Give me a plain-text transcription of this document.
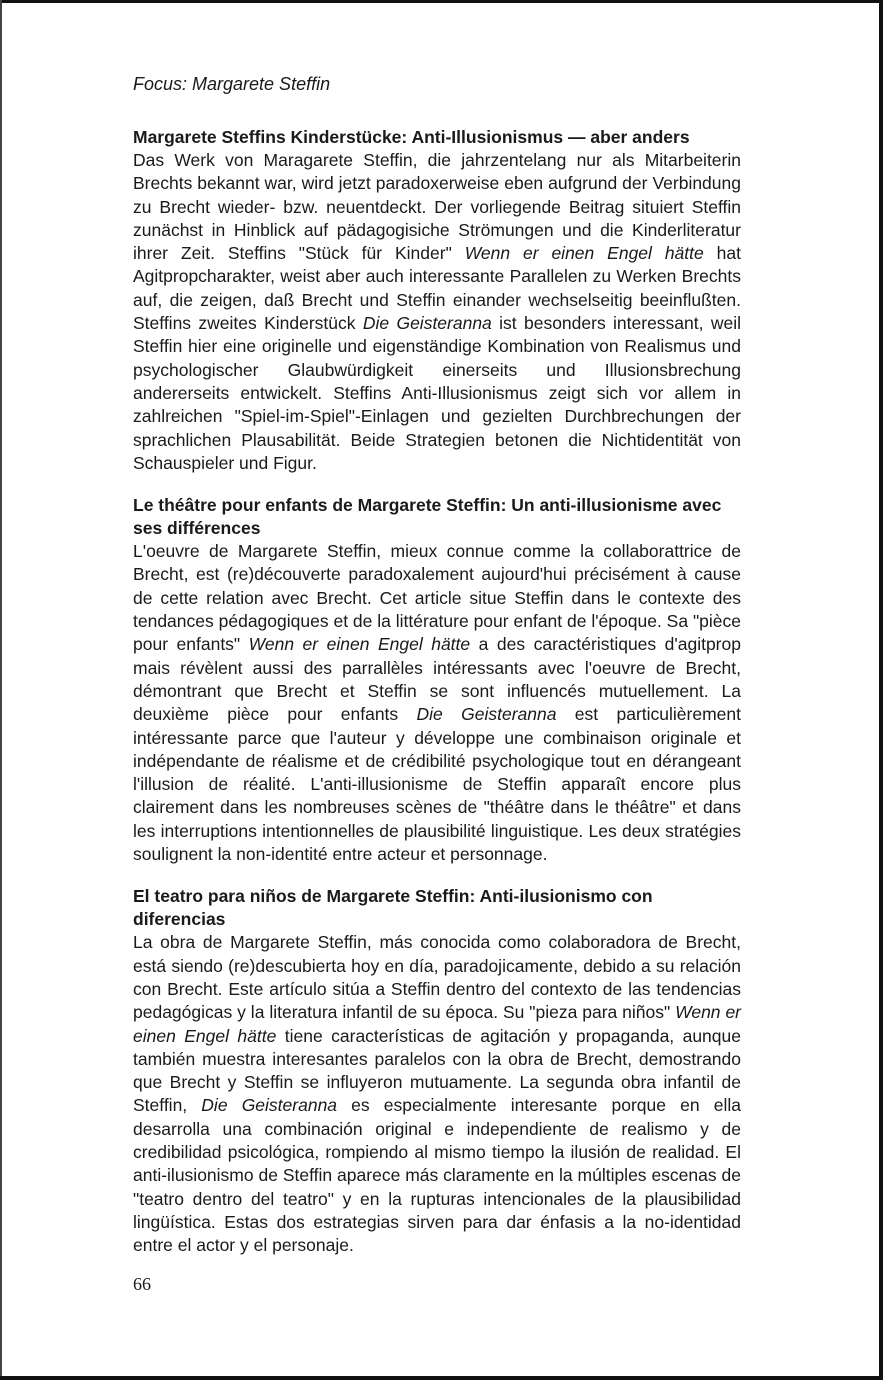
Focus: Margarete Steffin
Margarete Steffins Kinderstücke: Anti-Illusionismus — aber anders

Das Werk von Maragarete Steffin, die jahrzentelang nur als Mitarbeiterin Brechts bekannt war, wird jetzt paradoxerweise eben aufgrund der Verbindung zu Brecht wieder- bzw. neuentdeckt. Der vorliegende Beitrag situiert Steffin zunächst in Hinblick auf pädagogisiche Strömungen und die Kinderliteratur ihrer Zeit. Steffins "Stück für Kinder" Wenn er einen Engel hätte hat Agitpropcharakter, weist aber auch interessante Parallelen zu Werken Brechts auf, die zeigen, daß Brecht und Steffin einander wechselseitig beeinflußten. Steffins zweites Kinderstück Die Geisteranna ist besonders interessant, weil Steffin hier eine originelle und eigenständige Kombination von Realismus und psychologischer Glaubwürdigkeit einerseits und Illusionsbrechung andererseits entwickelt. Steffins Anti-Illusionismus zeigt sich vor allem in zahlreichen "Spiel-im-Spiel"-Einlagen und gezielten Durchbrechungen der sprachlichen Plausabilität. Beide Strategien betonen die Nichtidentität von Schauspieler und Figur.

Le théâtre pour enfants de Margarete Steffin: Un anti-illusionisme avec ses différences

L'oeuvre de Margarete Steffin, mieux connue comme la collaborattrice de Brecht, est (re)découverte paradoxalement aujourd'hui précisément à cause de cette relation avec Brecht. Cet article situe Steffin dans le contexte des tendances pédagogiques et de la littérature pour enfant de l'époque. Sa "pièce pour enfants" Wenn er einen Engel hätte a des caractéristiques d'agitprop mais révèlent aussi des parrallèles intéressants avec l'oeuvre de Brecht, démontrant que Brecht et Steffin se sont influencés mutuellement. La deuxième pièce pour enfants Die Geisteranna est particulièrement intéressante parce que l'auteur y développe une combinaison originale et indépendante de réalisme et de crédibilité psychologique tout en dérangeant l'illusion de réalité. L'anti-illusionisme de Steffin apparaît encore plus clairement dans les nombreuses scènes de "théâtre dans le théâtre" et dans les interruptions intentionnelles de plausibilité linguistique. Les deux stratégies soulignent la non-identité entre acteur et personnage.

El teatro para niños de Margarete Steffin: Anti-ilusionismo con diferencias

La obra de Margarete Steffin, más conocida como colaboradora de Brecht, está siendo (re)descubierta hoy en día, paradojicamente, debido a su relación con Brecht. Este artículo sitúa a Steffin dentro del contexto de las tendencias pedagógicas y la literatura infantil de su época. Su "pieza para niños" Wenn er einen Engel hätte tiene características de agitación y propaganda, aunque también muestra interesantes paralelos con la obra de Brecht, demostrando que Brecht y Steffin se influyeron mutuamente. La segunda obra infantil de Steffin, Die Geisteranna es especialmente interesante porque en ella desarrolla una combinación original e independiente de realismo y de credibilidad psicológica, rompiendo al mismo tiempo la ilusión de realidad. El anti-ilusionismo de Steffin aparece más claramente en la múltiples escenas de "teatro dentro del teatro" y en la rupturas intencionales de la plausibilidad lingüística. Estas dos estrategias sirven para dar énfasis a la no-identidad entre el actor y el personaje.

66
